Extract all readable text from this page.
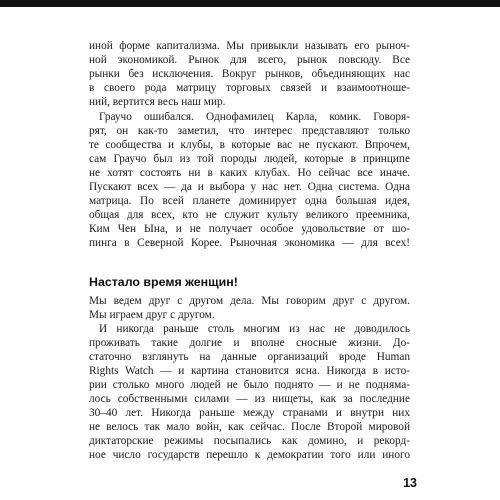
иной форме капитализма. Мы привыкли называть его рыноч-
ной экономикой. Рынок для всего, рынок повсюду. Все
рынки без исключения. Вокруг рынков, объединяющих нас
в своего рода матрицу торговых связей и взаимоотноше-
ний, вертится весь наш мир.
Граучо ошибался. Однофамилец Карла, комик. Говоря-
рят, он как-то заметил, что интерес представляют только
те сообщества и клубы, в которые вас не пускают. Впрочем,
сам Граучо был из той породы людей, которые в принципе
не хотят состоять ни в каких клубах. Но сейчас все иначе.
Пускают всех — да и выбора у нас нет. Одна система. Одна
матрица. По всей планете доминирует одна большая идея,
общая для всех, кто не служит культу великого преемника,
Ким Чен Ына, и не получает особое удовольствие от шо-
пинга в Северной Корее. Рыночная экономика — для всех!
Настало время женщин!
Мы ведем друг с другом дела. Мы говорим друг с другом.
Мы играем друг с другом.
И никогда раньше столь многим из нас не доводилось
проживать такие долгие и вполне сносные жизни. До-
статочно взглянуть на данные организаций вроде Human
Rights Watch — и картина становится ясна. Никогда в исто-
рии столько много людей не было поднято — и не подняма-
лось собственными силами — из нищеты, как за последние
30–40 лет. Никогда раньше между странами и внутри них
не велось так мало войн, как сейчас. После Второй мировой
диктаторские режимы посыпались как домино, и рекорд-
ное число государств перешло к демократии того или иного
13
